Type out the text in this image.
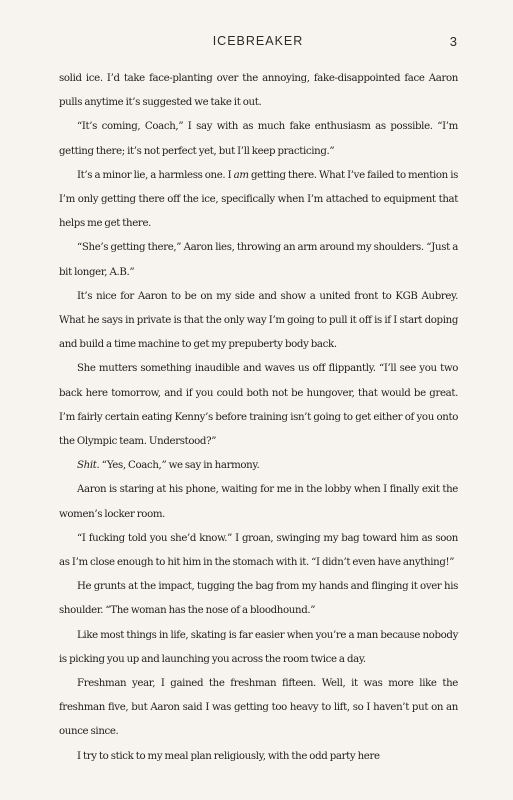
ICEBREAKER	3

solid ice. I’d take face-planting over the annoying, fake-disappointed face Aaron pulls anytime it’s suggested we take it out.

“It’s coming, Coach,” I say with as much fake enthusiasm as possible. “I’m getting there; it’s not perfect yet, but I’ll keep practicing.”

It’s a minor lie, a harmless one. I am getting there. What I’ve failed to mention is I’m only getting there off the ice, specifically when I’m attached to equipment that helps me get there.

“She’s getting there,” Aaron lies, throwing an arm around my shoulders. “Just a bit longer, A.B.”

It’s nice for Aaron to be on my side and show a united front to KGB Aubrey. What he says in private is that the only way I’m going to pull it off is if I start doping and build a time machine to get my prepuberty body back.

She mutters something inaudible and waves us off flippantly. “I’ll see you two back here tomorrow, and if you could both not be hungover, that would be great. I’m fairly certain eating Kenny’s before training isn’t going to get either of you onto the Olympic team. Understood?”

Shit. “Yes, Coach,” we say in harmony.

Aaron is staring at his phone, waiting for me in the lobby when I finally exit the women’s locker room.

“I fucking told you she’d know.” I groan, swinging my bag toward him as soon as I’m close enough to hit him in the stomach with it. “I didn’t even have anything!”

He grunts at the impact, tugging the bag from my hands and flinging it over his shoulder. “The woman has the nose of a bloodhound.”

Like most things in life, skating is far easier when you’re a man because nobody is picking you up and launching you across the room twice a day.

Freshman year, I gained the freshman fifteen. Well, it was more like the freshman five, but Aaron said I was getting too heavy to lift, so I haven’t put on an ounce since.

I try to stick to my meal plan religiously, with the odd party here
